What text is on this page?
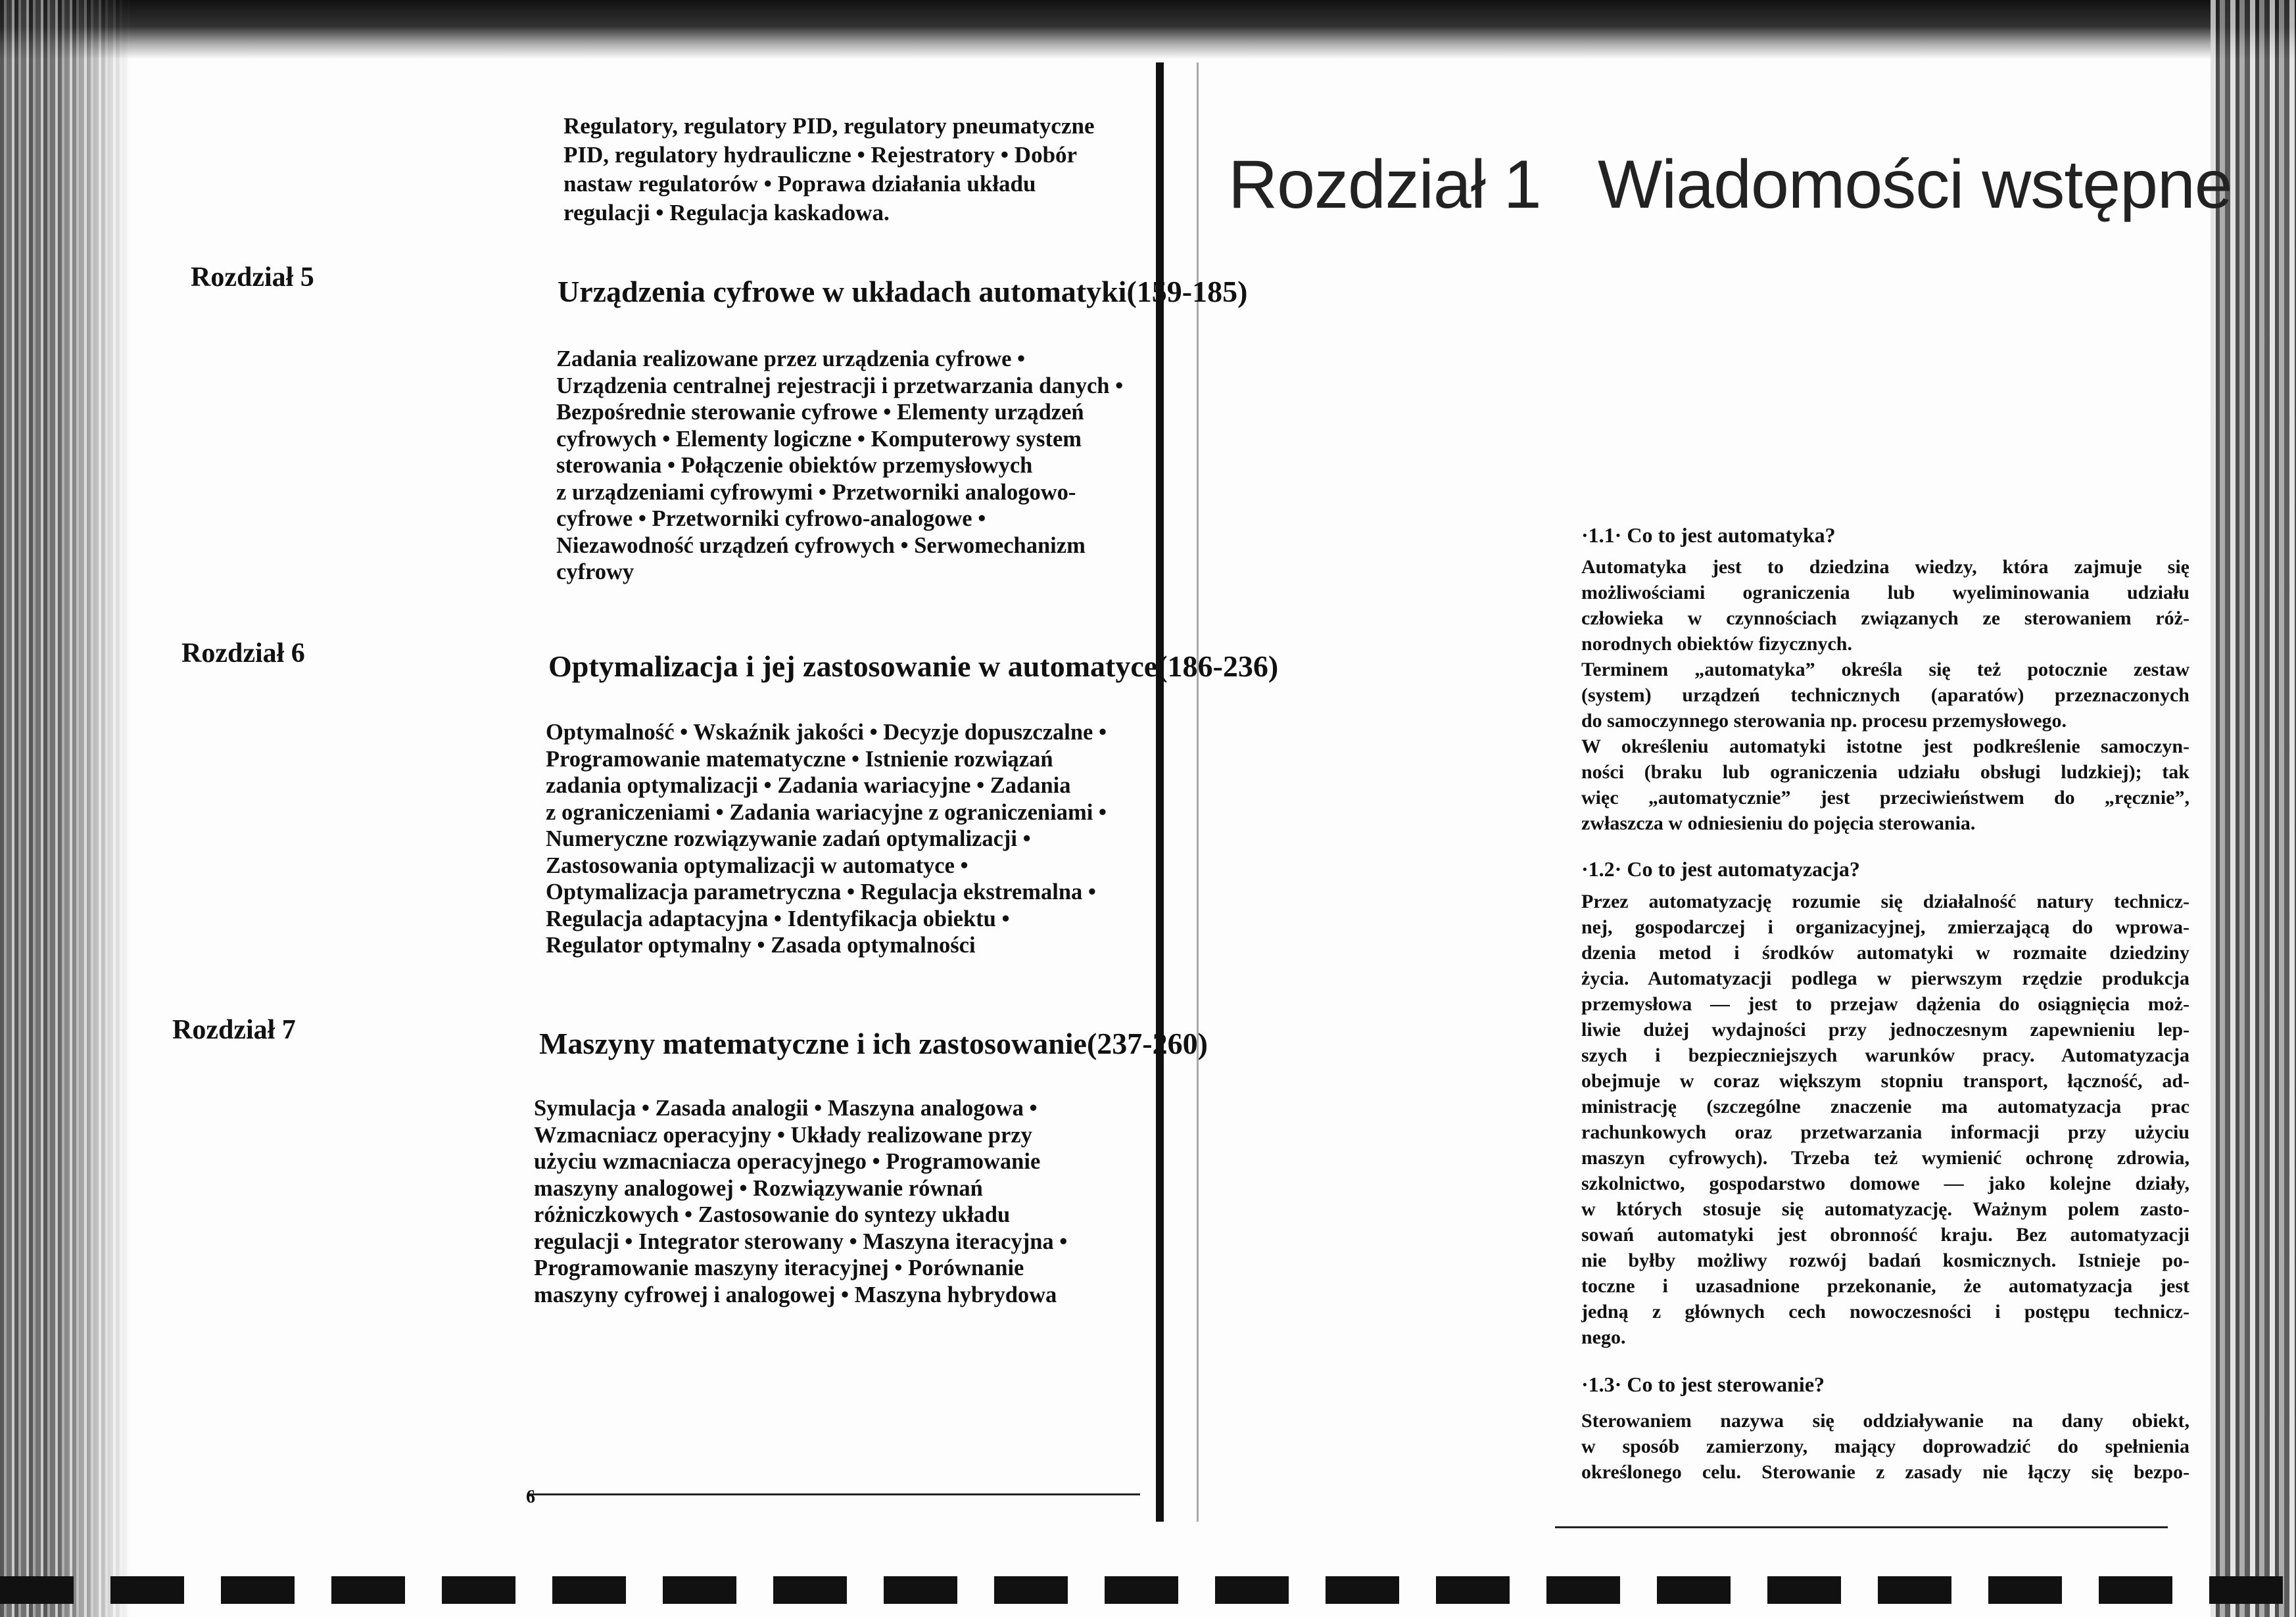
Regulatory, regulatory PID, regulatory pneumatyczne
PID, regulatory hydrauliczne • Rejestratory • Dobór
nastaw regulatorów • Poprawa działania układu
regulacji • Regulacja kaskadowa.
Rozdział 5	Urządzenia cyfrowe w układach automatyki(159-185)
Zadania realizowane przez urządzenia cyfrowe •
Urządzenia centralnej rejestracji i przetwarzania danych •
Bezpośrednie sterowanie cyfrowe • Elementy urządzeń
cyfrowych • Elementy logiczne • Komputerowy system
sterowania • Połączenie obiektów przemysłowych
z urządzeniami cyfrowymi • Przetworniki analogowo-
cyfrowe • Przetworniki cyfrowo-analogowe •
Niezawodność urządzeń cyfrowych • Serwomechanizm
cyfrowy
Rozdział 6	Optymalizacja i jej zastosowanie w automatyce(186-236)
Optymalność • Wskaźnik jakości • Decyzje dopuszczalne •
Programowanie matematyczne • Istnienie rozwiązań
zadania optymalizacji • Zadania wariacyjne • Zadania
z ograniczeniami • Zadania wariacyjne z ograniczeniami •
Numeryczne rozwiązywanie zadań optymalizacji •
Zastosowania optymalizacji w automatyce •
Optymalizacja parametryczna • Regulacja ekstremalna •
Regulacja adaptacyjna • Identyfikacja obiektu •
Regulator optymalny • Zasada optymalności
Rozdział 7	Maszyny matematyczne i ich zastosowanie(237-260)
Symulacja • Zasada analogii • Maszyna analogowa •
Wzmacniacz operacyjny • Układy realizowane przy
użyciu wzmacniacza operacyjnego • Programowanie
maszyny analogowej • Rozwiązywanie równań
różniczkowych • Zastosowanie do syntezy układu
regulacji • Integrator sterowany • Maszyna iteracyjna •
Programowanie maszyny iteracyjnej • Porównanie
maszyny cyfrowej i analogowej • Maszyna hybrydowa
6
Rozdział 1 Wiadomości wstępne
·1.1· Co to jest automatyka?
Automatyka jest to dziedzina wiedzy, która zajmuje się
możliwościami ograniczenia lub wyeliminowania udziału
człowieka w czynnościach związanych ze sterowaniem róż-
norodnych obiektów fizycznych.
Terminem „automatyka” określa się też potocznie zestaw
(system) urządzeń technicznych (aparatów) przeznaczonych
do samoczynnego sterowania np. procesu przemysłowego.
W określeniu automatyki istotne jest podkreślenie samoczyn-
ności (braku lub ograniczenia udziału obsługi ludzkiej); tak
więc „automatycznie” jest przeciwieństwem do „ręcznie”,
zwłaszcza w odniesieniu do pojęcia sterowania.
·1.2· Co to jest automatyzacja?
Przez automatyzację rozumie się działalność natury technicz-
nej, gospodarczej i organizacyjnej, zmierzającą do wprowa-
dzenia metod i środków automatyki w rozmaite dziedziny
życia. Automatyzacji podlega w pierwszym rzędzie produkcja
przemysłowa — jest to przejaw dążenia do osiągnięcia moż-
liwie dużej wydajności przy jednoczesnym zapewnieniu lep-
szych i bezpieczniejszych warunków pracy. Automatyzacja
obejmuje w coraz większym stopniu transport, łączność, ad-
ministrację (szczególne znaczenie ma automatyzacja prac
rachunkowych oraz przetwarzania informacji przy użyciu
maszyn cyfrowych). Trzeba też wymienić ochronę zdrowia,
szkolnictwo, gospodarstwo domowe — jako kolejne działy,
w których stosuje się automatyzację. Ważnym polem zasto-
sowań automatyki jest obronność kraju. Bez automatyzacji
nie byłby możliwy rozwój badań kosmicznych. Istnieje po-
toczne i uzasadnione przekonanie, że automatyzacja jest
jedną z głównych cech nowoczesności i postępu technicz-
nego.
·1.3· Co to jest sterowanie?
Sterowaniem nazywa się oddziaływanie na dany obiekt,
w sposób zamierzony, mający doprowadzić do spełnienia
określonego celu. Sterowanie z zasady nie łączy się bezpo-
